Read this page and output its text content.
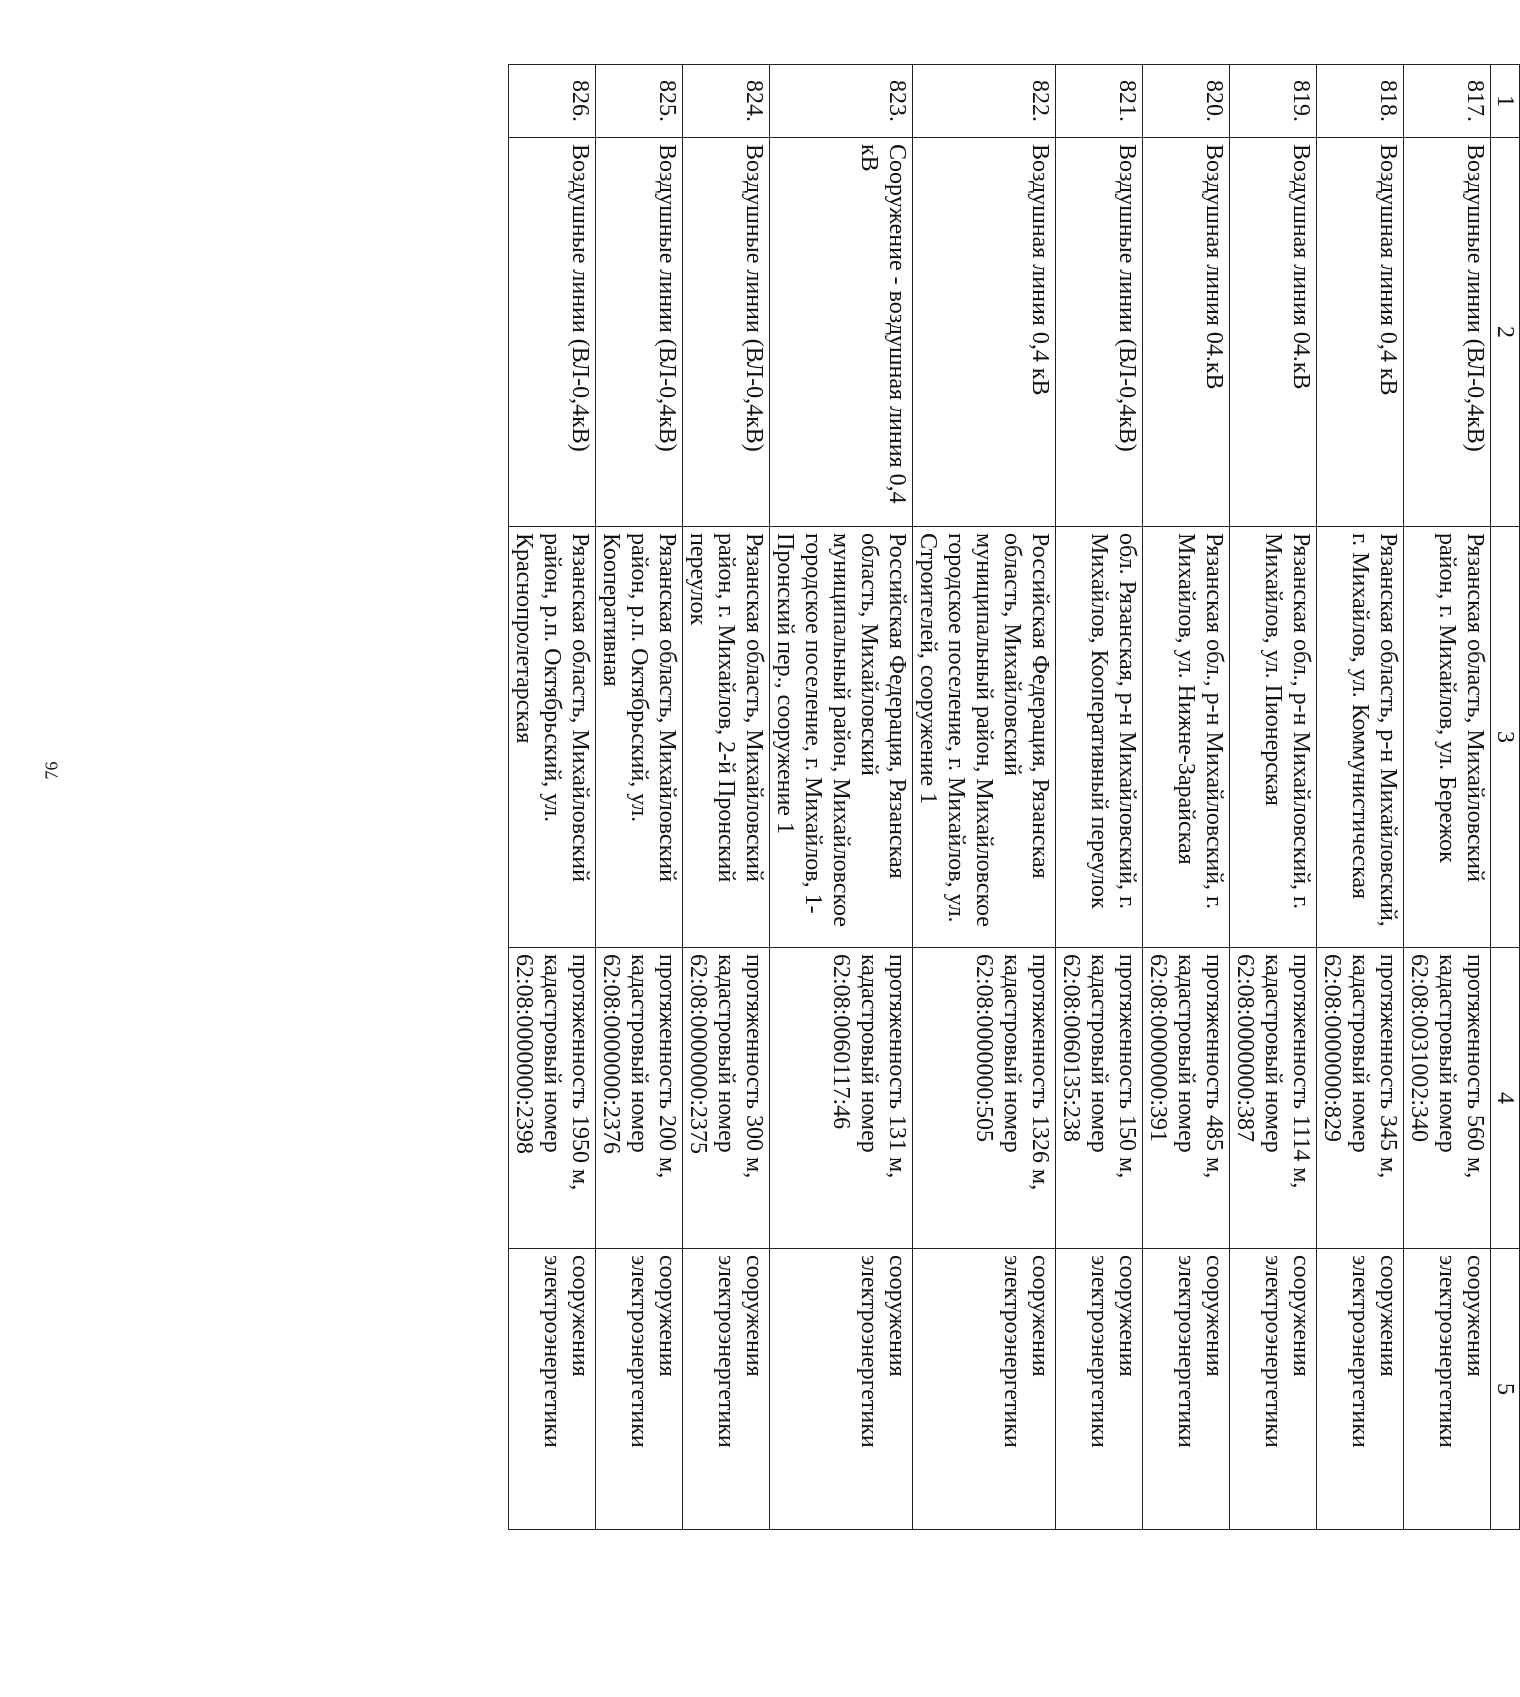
76
1	2	3	4	5
817.	Воздушные линии (ВЛ-0,4кВ)	Рязанская область, Михайловский район, г. Михайлов, ул. Бережок	протяженность 560 м, кадастровый номер 62:08:0031002:340	сооружения электроэнергетики
818.	Воздушная линия 0,4 кВ	Рязанская область, р-н Михайловский, г. Михайлов, ул. Коммунистическая	протяженность 345 м, кадастровый номер 62:08:0000000:829	сооружения электроэнергетики
819.	Воздушная линия 04.кВ	Рязанская обл., р-н Михайловский, г. Михайлов, ул. Пионерская	протяженность 1114 м, кадастровый номер 62:08:0000000:387	сооружения электроэнергетики
820.	Воздушная линия 04.кВ	Рязанская обл., р-н Михайловский, г. Михайлов, ул. Нижне-Зарайская	протяженность 485 м, кадастровый номер 62:08:0000000:391	сооружения электроэнергетики
821.	Воздушные линии (ВЛ-0,4кВ)	обл. Рязанская, р-н Михайловский, г. Михайлов, Кооперативный переулок	протяженность 150 м, кадастровый номер 62:08:0060135:238	сооружения электроэнергетики
822.	Воздушная линия 0,4 кВ	Российская Федерация, Рязанская область, Михайловский муниципальный район, Михайловское городское поселение, г. Михайлов, ул. Строителей, сооружение 1	протяженность 1326 м, кадастровый номер 62:08:0000000:505	сооружения электроэнергетики
823.	Сооружение - воздушная линия 0,4 кВ	Российская Федерация, Рязанская область, Михайловский муниципальный район, Михайловское городское поселение, г. Михайлов, 1-Пронский пер., сооружение 1	протяженность 131 м, кадастровый номер 62:08:0060117:46	сооружения электроэнергетики
824.	Воздушные линии (ВЛ-0,4кВ)	Рязанская область, Михайловский район, г. Михайлов, 2-й Пронский переулок	протяженность 300 м, кадастровый номер 62:08:0000000:2375	сооружения электроэнергетики
825.	Воздушные линии (ВЛ-0,4кВ)	Рязанская область, Михайловский район, р.п. Октябрьский, ул. Кооперативная	протяженность 200 м, кадастровый номер 62:08:0000000:2376	сооружения электроэнергетики
826.	Воздушные линии (ВЛ-0,4кВ)	Рязанская область, Михайловский район, р.п. Октябрьский, ул. Краснопролетарская	протяженность 1950 м, кадастровый номер 62:08:0000000:2398	сооружения электроэнергетики
